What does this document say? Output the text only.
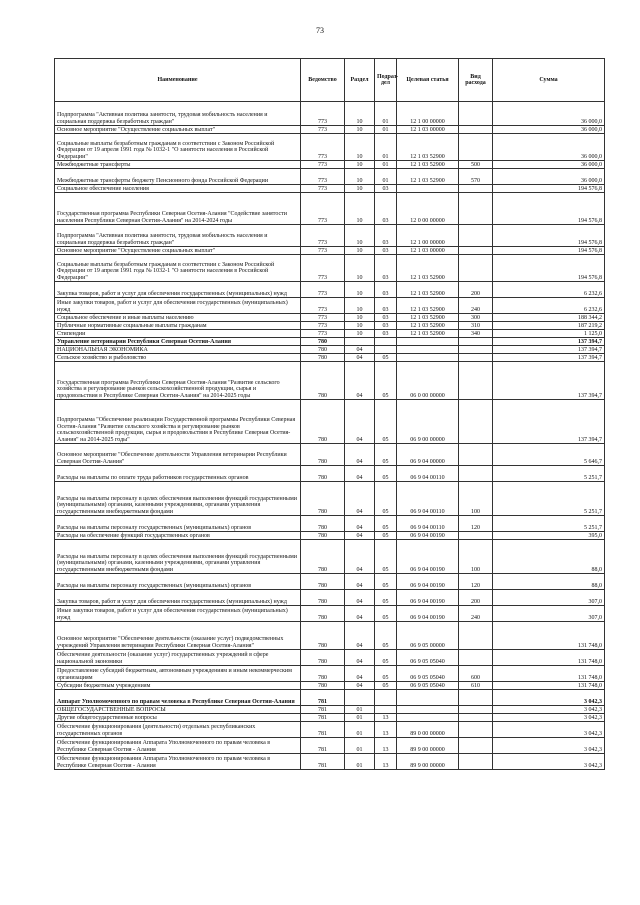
73
Наименование	Ведомство	Раздел	Подраз-дел	Целевая статья	Вид расхода	Сумма
Подпрограмма "Активная политика занятости, трудовая мобильность населения и социальная поддержка безработных граждан"	773	10	01	12 1 00 00000		36 000,0
Основное мероприятие "Осуществление социальных выплат"	773	10	01	12 1 03 00000		36 000,0
Социальные выплаты безработным гражданам в соответствии с Законом Российской Федерации от 19 апреля 1991 года № 1032-1 "О занятости населения в Российской Федерации"	773	10	01	12 1 03 52900		36 000,0
Межбюджетные трансферты	773	10	01	12 1 03 52900	500	36 000,0
Межбюджетные трансферты бюджету Пенсионного фонда Российской Федерации	773	10	01	12 1 03 52900	570	36 000,0
Социальное обеспечение населения	773	10	03			194 576,8
Государственная программа Республики Северная Осетия-Алания "Содействие занятости населения Республики Северная Осетия-Алания" на 2014-2024 годы	773	10	03	12 0 00 00000		194 576,8
Подпрограмма "Активная политика занятости, трудовая мобильность населения и социальная поддержка безработных граждан"	773	10	03	12 1 00 00000		194 576,8
Основное мероприятие "Осуществление социальных выплат"	773	10	03	12 1 03 00000		194 576,8
Социальные выплаты безработным гражданам в соответствии с Законом Российской Федерации от 19 апреля 1991 года № 1032-1 "О занятости населения в Российской Федерации"	773	10	03	12 1 03 52900		194 576,8
Закупка товаров, работ и услуг для обеспечения государственных (муниципальных) нужд	773	10	03	12 1 03 52900	200	6 232,6
Иные закупки товаров, работ и услуг для обеспечения государственных (муниципальных) нужд	773	10	03	12 1 03 52900	240	6 232,6
Социальное обеспечение и иные выплаты населению	773	10	03	12 1 03 52900	300	188 344,2
Публичные нормативные социальные выплаты гражданам	773	10	03	12 1 03 52900	310	187 219,2
Стипендии	773	10	03	12 1 03 52900	340	1 125,0
Управление ветеринарии Республики Северная Осетия-Алания	780					137 394,7
НАЦИОНАЛЬНАЯ ЭКОНОМИКА	780	04				137 394,7
Сельское хозяйство и рыболовство	780	04	05			137 394,7
Государственная программа Республики Северная Осетия-Алания "Развитие сельского хозяйства и регулирование рынков сельскохозяйственной продукции, сырья и продовольствия в Республике Северная Осетия-Алания" на 2014-2025 годы	780	04	05	06 0 00 00000		137 394,7
Подпрограмма "Обеспечение реализации Государственной программы Республики Северная Осетия-Алания "Развитие сельского хозяйства и регулирование рынков сельскохозяйственной продукции, сырья и продовольствия в Республике Северная Осетия-Алания" на 2014-2025 годы"	780	04	05	06 9 00 00000		137 394,7
Основное мероприятие "Обеспечение деятельности Управления ветеринарии Республики Северная Осетия-Алания"	780	04	05	06 9 04 00000		5 646,7
Расходы на выплаты по оплате труда работников государственных органов	780	04	05	06 9 04 00110		5 251,7
Расходы на выплаты персоналу в целях обеспечения выполнения функций государственными (муниципальными) органами, казенными учреждениями, органами управления государственными внебюджетными фондами	780	04	05	06 9 04 00110	100	5 251,7
Расходы на выплаты персоналу государственных (муниципальных) органов	780	04	05	06 9 04 00110	120	5 251,7
Расходы на обеспечение функций государственных органов	780	04	05	06 9 04 00190		395,0
Расходы на выплаты персоналу в целях обеспечения выполнения функций государственными (муниципальными) органами, казенными учреждениями, органами управления государственными внебюджетными фондами	780	04	05	06 9 04 00190	100	88,0
Расходы на выплаты персоналу государственных (муниципальных) органов	780	04	05	06 9 04 00190	120	88,0
Закупка товаров, работ и услуг для обеспечения государственных (муниципальных) нужд	780	04	05	06 9 04 00190	200	307,0
Иные закупки товаров, работ и услуг для обеспечения государственных (муниципальных) нужд	780	04	05	06 9 04 00190	240	307,0
Основное мероприятие "Обеспечение деятельности (оказание услуг) подведомственных учреждений Управления ветеринарии Республики Северная Осетия-Алания"	780	04	05	06 9 05 00000		131 748,0
Обеспечение деятельности (оказание услуг) государственных учреждений в сфере национальной экономики	780	04	05	06 9 05 05040		131 748,0
Предоставление субсидий бюджетным, автономным учреждениям и иным некоммерческим организациям	780	04	05	06 9 05 05040	600	131 748,0
Субсидии бюджетным учреждениям	780	04	05	06 9 05 05040	610	131 748,0
Аппарат Уполномоченного по правам человека в Республике Северная Осетия-Алания	781					3 042,3
ОБЩЕГОСУДАРСТВЕННЫЕ ВОПРОСЫ	781	01				3 042,3
Другие общегосударственные вопросы	781	01	13			3 042,3
Обеспечение функционирования (деятельности) отдельных республиканских государственных органов	781	01	13	89 0 00 00000		3 042,3
Обеспечение функционирования Аппарата Уполномоченного по правам человека в Республике Северная Осетия - Алания	781	01	13	89 9 00 00000		3 042,3
Обеспечение функционирования Аппарата Уполномоченного по правам человека в Республике Северная Осетия - Алания	781	01	13	89 9 00 00000		3 042,3
